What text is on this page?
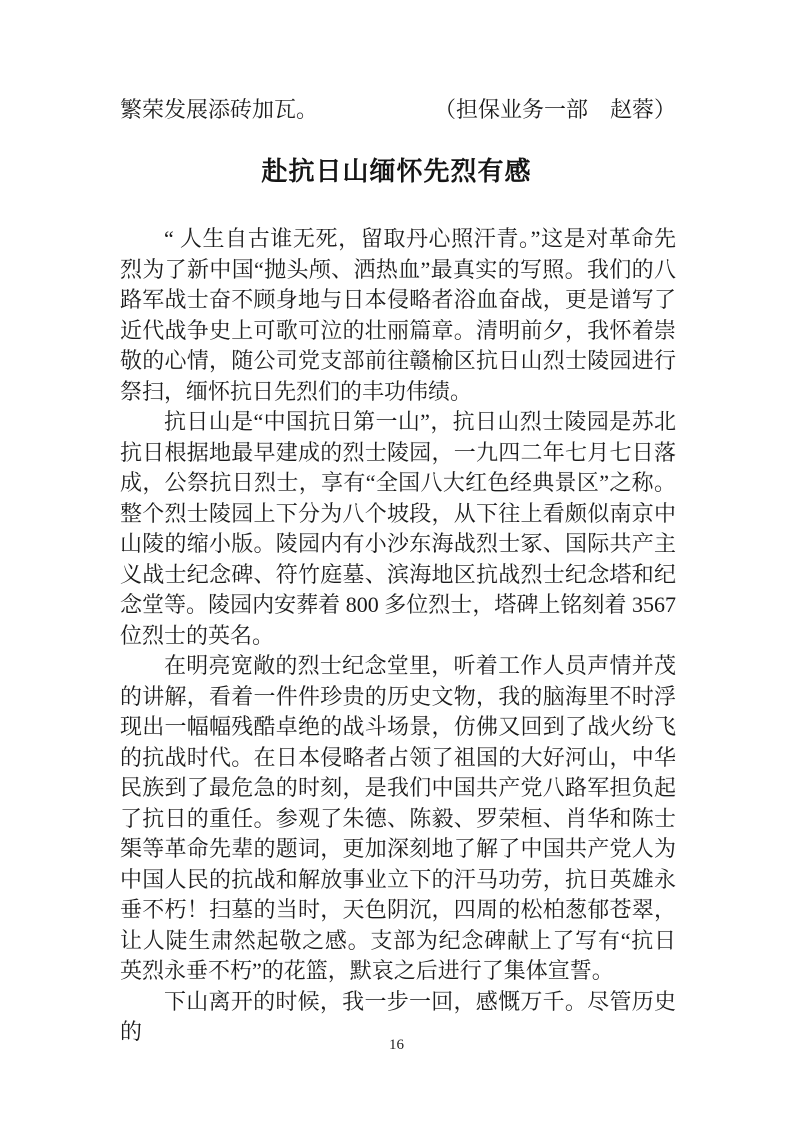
繁荣发展添砖加瓦。	（担保业务一部　赵蓉）
赴抗日山缅怀先烈有感

“ 人生自古谁无死，留取丹心照汗青。”这是对革命先烈为了新中国“抛头颅、洒热血”最真实的写照。我们的八路军战士奋不顾身地与日本侵略者浴血奋战，更是谱写了近代战争史上可歌可泣的壮丽篇章。清明前夕，我怀着崇敬的心情，随公司党支部前往赣榆区抗日山烈士陵园进行祭扫，缅怀抗日先烈们的丰功伟绩。

抗日山是“中国抗日第一山”，抗日山烈士陵园是苏北抗日根据地最早建成的烈士陵园，一九四二年七月七日落成，公祭抗日烈士，享有“全国八大红色经典景区”之称。整个烈士陵园上下分为八个坡段，从下往上看颇似南京中山陵的缩小版。陵园内有小沙东海战烈士冢、国际共产主义战士纪念碑、符竹庭墓、滨海地区抗战烈士纪念塔和纪念堂等。陵园内安葬着 800 多位烈士，塔碑上铭刻着 3567 位烈士的英名。

在明亮宽敞的烈士纪念堂里，听着工作人员声情并茂的讲解，看着一件件珍贵的历史文物，我的脑海里不时浮现出一幅幅残酷卓绝的战斗场景，仿佛又回到了战火纷飞的抗战时代。在日本侵略者占领了祖国的大好河山，中华民族到了最危急的时刻，是我们中国共产党八路军担负起了抗日的重任。参观了朱德、陈毅、罗荣桓、肖华和陈士榘等革命先辈的题词，更加深刻地了解了中国共产党人为中国人民的抗战和解放事业立下的汗马功劳，抗日英雄永垂不朽！扫墓的当时，天色阴沉，四周的松柏葱郁苍翠，让人陡生肃然起敬之感。支部为纪念碑献上了写有“抗日英烈永垂不朽”的花篮，默哀之后进行了集体宣誓。

下山离开的时候，我一步一回，感慨万千。尽管历史的

16
